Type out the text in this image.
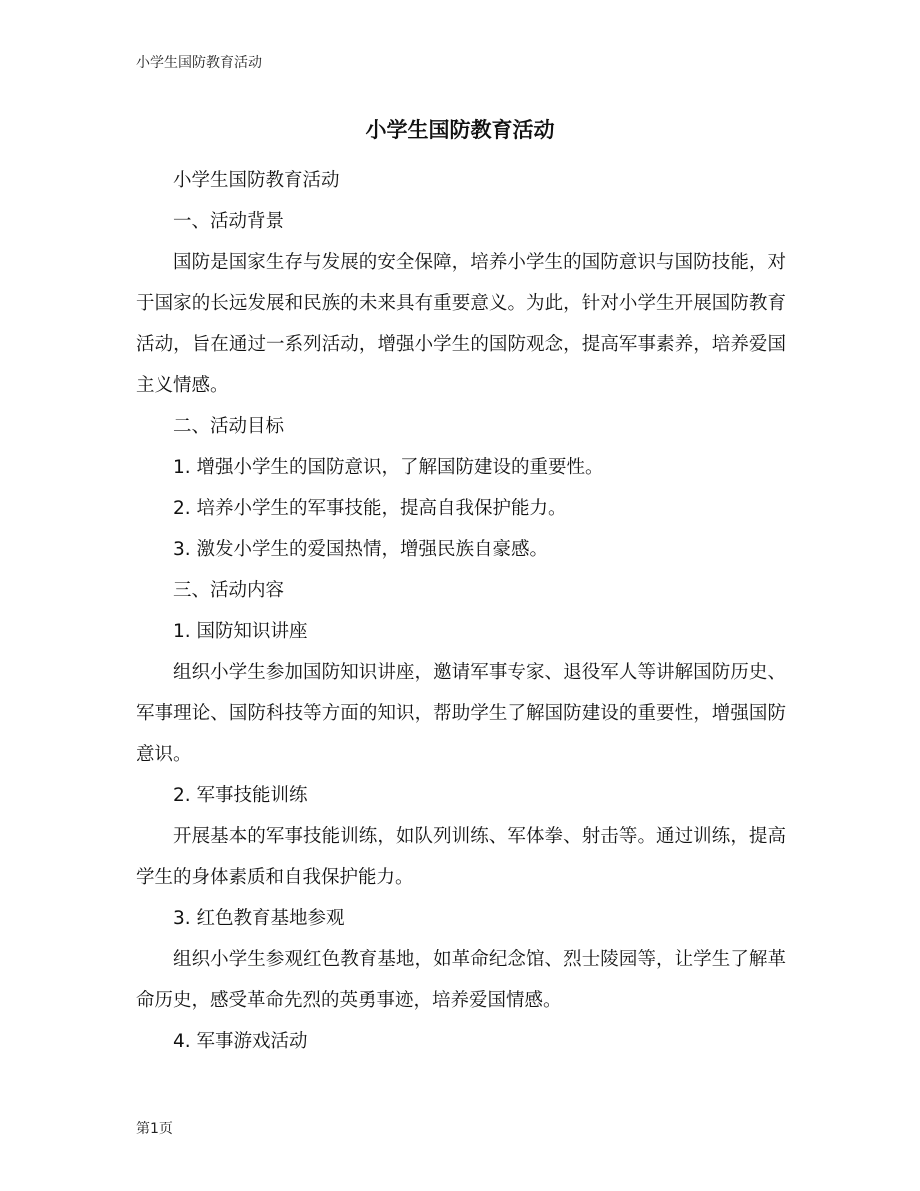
小学生国防教育活动
小学生国防教育活动

小学生国防教育活动

一、活动背景

国防是国家生存与发展的安全保障，培养小学生的国防意识与国防技能，对于国家的长远发展和民族的未来具有重要意义。为此，针对小学生开展国防教育活动，旨在通过一系列活动，增强小学生的国防观念，提高军事素养，培养爱国主义情感。

二、活动目标

1. 增强小学生的国防意识，了解国防建设的重要性。

2. 培养小学生的军事技能，提高自我保护能力。

3. 激发小学生的爱国热情，增强民族自豪感。

三、活动内容

1. 国防知识讲座

组织小学生参加国防知识讲座，邀请军事专家、退役军人等讲解国防历史、军事理论、国防科技等方面的知识，帮助学生了解国防建设的重要性，增强国防意识。

2. 军事技能训练

开展基本的军事技能训练，如队列训练、军体拳、射击等。通过训练，提高学生的身体素质和自我保护能力。

3. 红色教育基地参观

组织小学生参观红色教育基地，如革命纪念馆、烈士陵园等，让学生了解革命历史，感受革命先烈的英勇事迹，培养爱国情感。

4. 军事游戏活动

第1页
